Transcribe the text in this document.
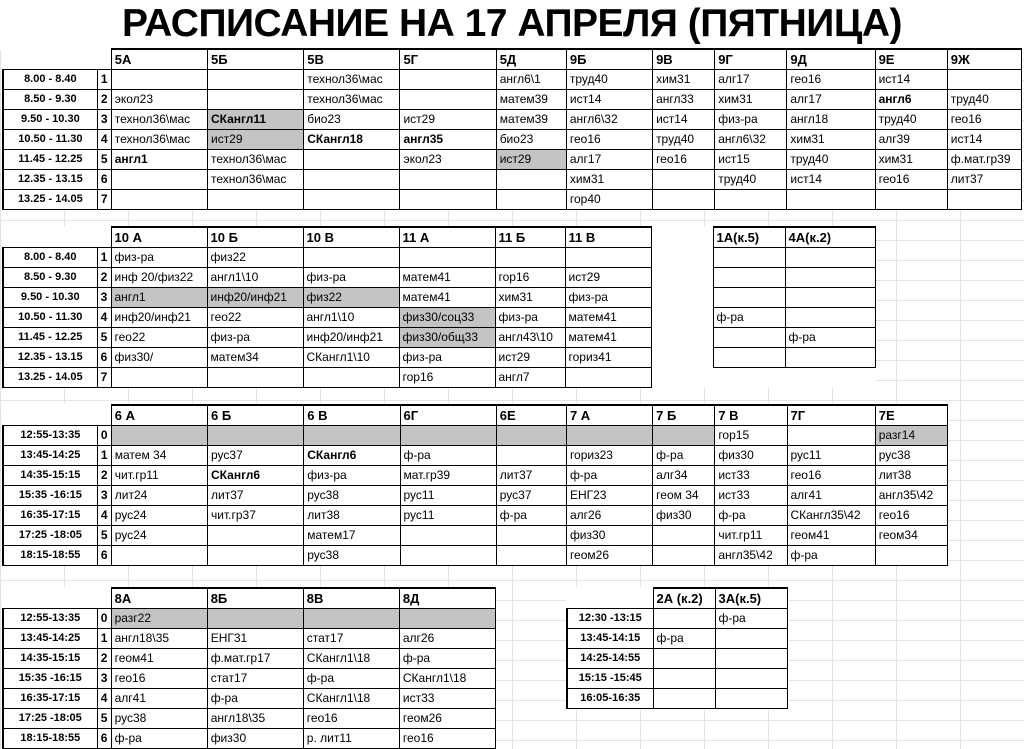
РАСПИСАНИЕ НА 17 АПРЕЛЯ (ПЯТНИЦА)
		5А	5Б	5В	5Г	5Д	9Б	9В	9Г	9Д	9Е	9Ж
8.00 - 8.40	1			технол36\мас		англ6\1	труд40	хим31	алг17	гео16	ист14	
8.50 - 9.30	2	экол23		технол36\мас		матем39	ист14	англ33	хим31	алг17	англ6	труд40
9.50 - 10.30	3	технол36\мас	СКангл11	био23	ист29	матем39	англ6\32	ист14	физ-ра	англ18	труд40	гео16
10.50 - 11.30	4	технол36\мас	ист29	СКангл18	англ35	био23	гео16	труд40	англ6\32	хим31	алг39	ист14
11.45 - 12.25	5	англ1	технол36\мас		экол23	ист29	алг17	гео16	ист15	труд40	хим31	ф.мат.гр39
12.35 - 13.15	6		технол36\мас				хим31		труд40	ист14	гео16	лит37
13.25 - 14.05	7						гор40					
		10 А	10 Б	10 В	11 А	11 Б	11 В		1А(к.5)	4А(к.2)
8.00 - 8.40	1	физ-ра	физ22							
8.50 - 9.30	2	инф 20/физ22	англ1\10	физ-ра	матем41	гор16	ист29			
9.50 - 10.30	3	англ1	инф20/инф21	физ22	матем41	хим31	физ-ра			
10.50 - 11.30	4	инф20/инф21	гео22	англ1\10	физ30/соц33	физ-ра	матем41		ф-ра	
11.45 - 12.25	5	гео22	физ-ра	инф20/инф21	физ30/общ33	англ43\10	матем41			ф-ра
12.35 - 13.15	6	физ30/	матем34	СКангл1\10	физ-ра	ист29	гориз41			
13.25 - 14.05	7				гор16	англ7				
		6 А	6 Б	6 В	6Г	6Е	7 А	7 Б	7 В	7Г	7Е
12:55-13:35	0								гор15		разг14
13:45-14:25	1	матем 34	рус37	СКангл6	ф-ра		гориз23	ф-ра	физ30	рус11	рус38
14:35-15:15	2	чит.гр11	СКангл6	физ-ра	мат.гр39	лит37	ф-ра	алг34	ист33	гео16	лит38
15:35 -16:15	3	лит24	лит37	рус38	рус11	рус37	ЕНГ23	геом 34	ист33	алг41	англ35\42
16:35-17:15	4	рус24	чит.гр37	лит38	рус11	ф-ра	алг26	физ30	ф-ра	СКангл35\42	гео16
17:25 -18:05	5	рус24		матем17			физ30		чит.гр11	геом41	геом34
18:15-18:55	6			рус38			геом26		англ35\42	ф-ра	
		8А	8Б	8В	8Д
12:55-13:35	0	разг22			
13:45-14:25	1	англ18\35	ЕНГ31	стат17	алг26
14:35-15:15	2	геом41	ф.мат.гр17	СКангл1\18	ф-ра
15:35 -16:15	3	гео16	стат17	ф-ра	СКангл1\18
16:35-17:15	4	алг41	ф-ра	СКангл1\18	ист33
17:25 -18:05	5	рус38	англ18\35	гео16	геом26
18:15-18:55	6	ф-ра	физ30	р. лит11	гео16
	2А (к.2)	3А(к.5)
12:30 -13:15		ф-ра
13:45-14:15	ф-ра	
14:25-14:55		
15:15 -15:45		
16:05-16:35		
